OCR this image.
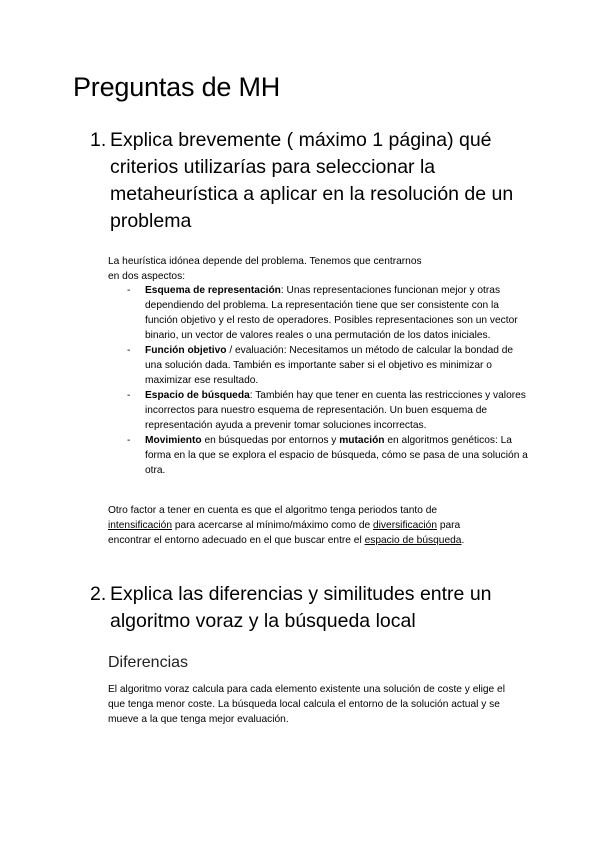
Preguntas de MH
1. Explica brevemente ( máximo 1 página) qué criterios utilizarías para seleccionar la metaheurística a aplicar en la resolución de un problema

La heurística idónea depende del problema. Tenemos que centrarnos en dos aspectos:

- Esquema de representación: Unas representaciones funcionan mejor y otras dependiendo del problema. La representación tiene que ser consistente con la función objetivo y el resto de operadores. Posibles representaciones son un vector binario, un vector de valores reales o una permutación de los datos iniciales.
- Función objetivo / evaluación: Necesitamos un método de calcular la bondad de una solución dada. También es importante saber si el objetivo es minimizar o maximizar ese resultado.
- Espacio de búsqueda: También hay que tener en cuenta las restricciones y valores incorrectos para nuestro esquema de representación. Un buen esquema de representación ayuda a prevenir tomar soluciones incorrectas.
- Movimiento en búsquedas por entornos y mutación en algoritmos genéticos: La forma en la que se explora el espacio de búsqueda, cómo se pasa de una solución a otra.

Otro factor a tener en cuenta es que el algoritmo tenga periodos tanto de intensificación para acercarse al mínimo/máximo como de diversificación para encontrar el entorno adecuado en el que buscar entre el espacio de búsqueda.

2. Explica las diferencias y similitudes entre un algoritmo voraz y la búsqueda local
Diferencias

El algoritmo voraz calcula para cada elemento existente una solución de coste y elige el que tenga menor coste. La búsqueda local calcula el entorno de la solución actual y se mueve a la que tenga mejor evaluación.
